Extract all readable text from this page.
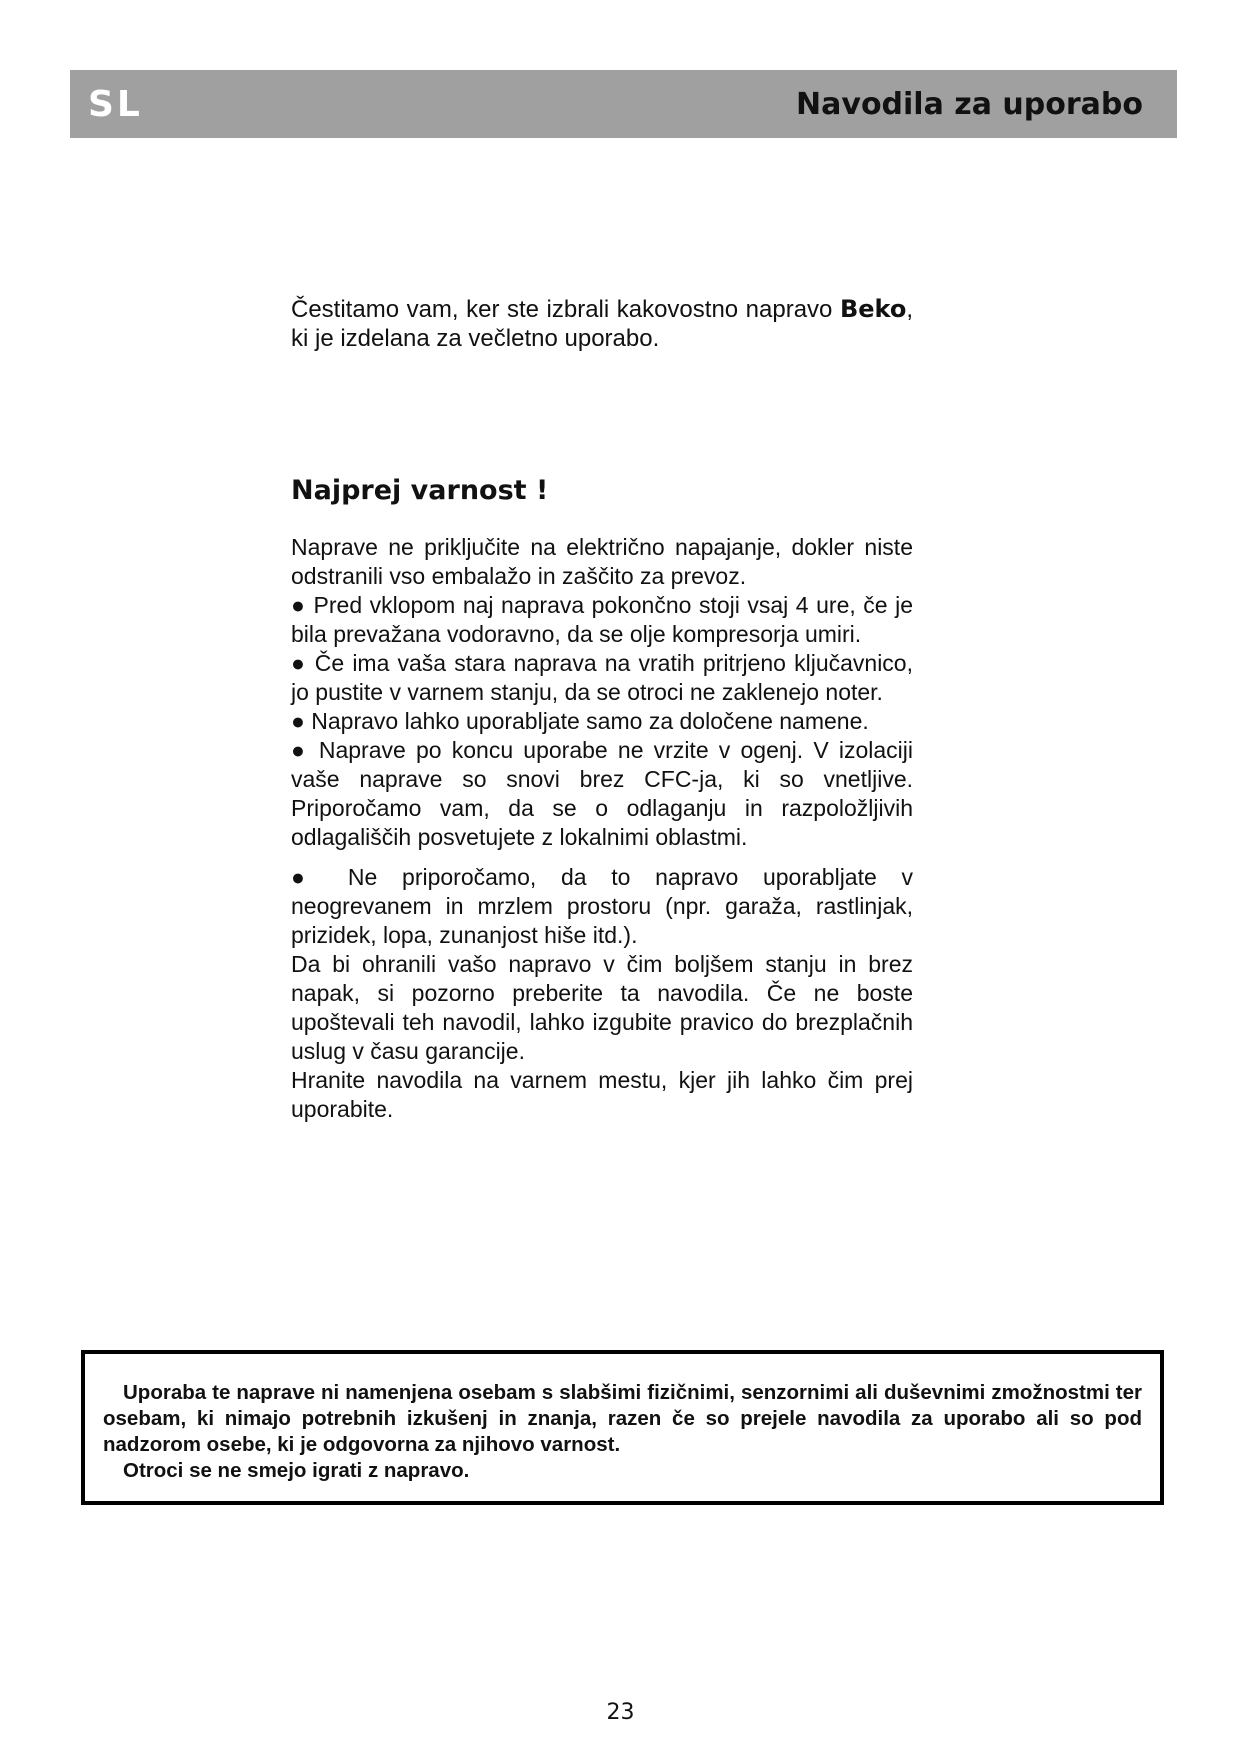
SL	Navodila za uporabo
Čestitamo vam, ker ste izbrali kakovostno napravo Beko, ki je izdelana za večletno uporabo.
Najprej varnost !
Naprave ne priključite na električno napajanje, dokler niste odstranili vso embalažo in zaščito za prevoz.
● Pred vklopom naj naprava pokončno stoji vsaj 4 ure, če je bila prevažana vodoravno, da se olje kompresorja umiri.
● Če ima vaša stara naprava na vratih pritrjeno ključavnico, jo pustite v varnem stanju, da se otroci ne zaklenejo noter.
● Napravo lahko uporabljate samo za določene namene.
● Naprave po koncu uporabe ne vrzite v ogenj. V izolaciji vaše naprave so snovi brez CFC-ja, ki so vnetljive. Priporočamo vam, da se o odlaganju in razpoložljivih odlagališčih posvetujete z lokalnimi oblastmi.
● Ne priporočamo, da to napravo uporabljate v neogrevanem in mrzlem prostoru (npr. garaža, rastlinjak, prizidek, lopa, zunanjost hiše itd.).
Da bi ohranili vašo napravo v čim boljšem stanju in brez napak, si pozorno preberite ta navodila. Če ne boste upoštevali teh navodil, lahko izgubite pravico do brezplačnih uslug v času garancije.
Hranite navodila na varnem mestu, kjer jih lahko čim prej uporabite.
Uporaba te naprave ni namenjena osebam s slabšimi fizičnimi, senzornimi ali duševnimi zmožnostmi ter osebam, ki nimajo potrebnih izkušenj in znanja, razen če so prejele navodila za uporabo ali so pod nadzorom osebe, ki je odgovorna za njihovo varnost.
Otroci se ne smejo igrati z napravo.
23
